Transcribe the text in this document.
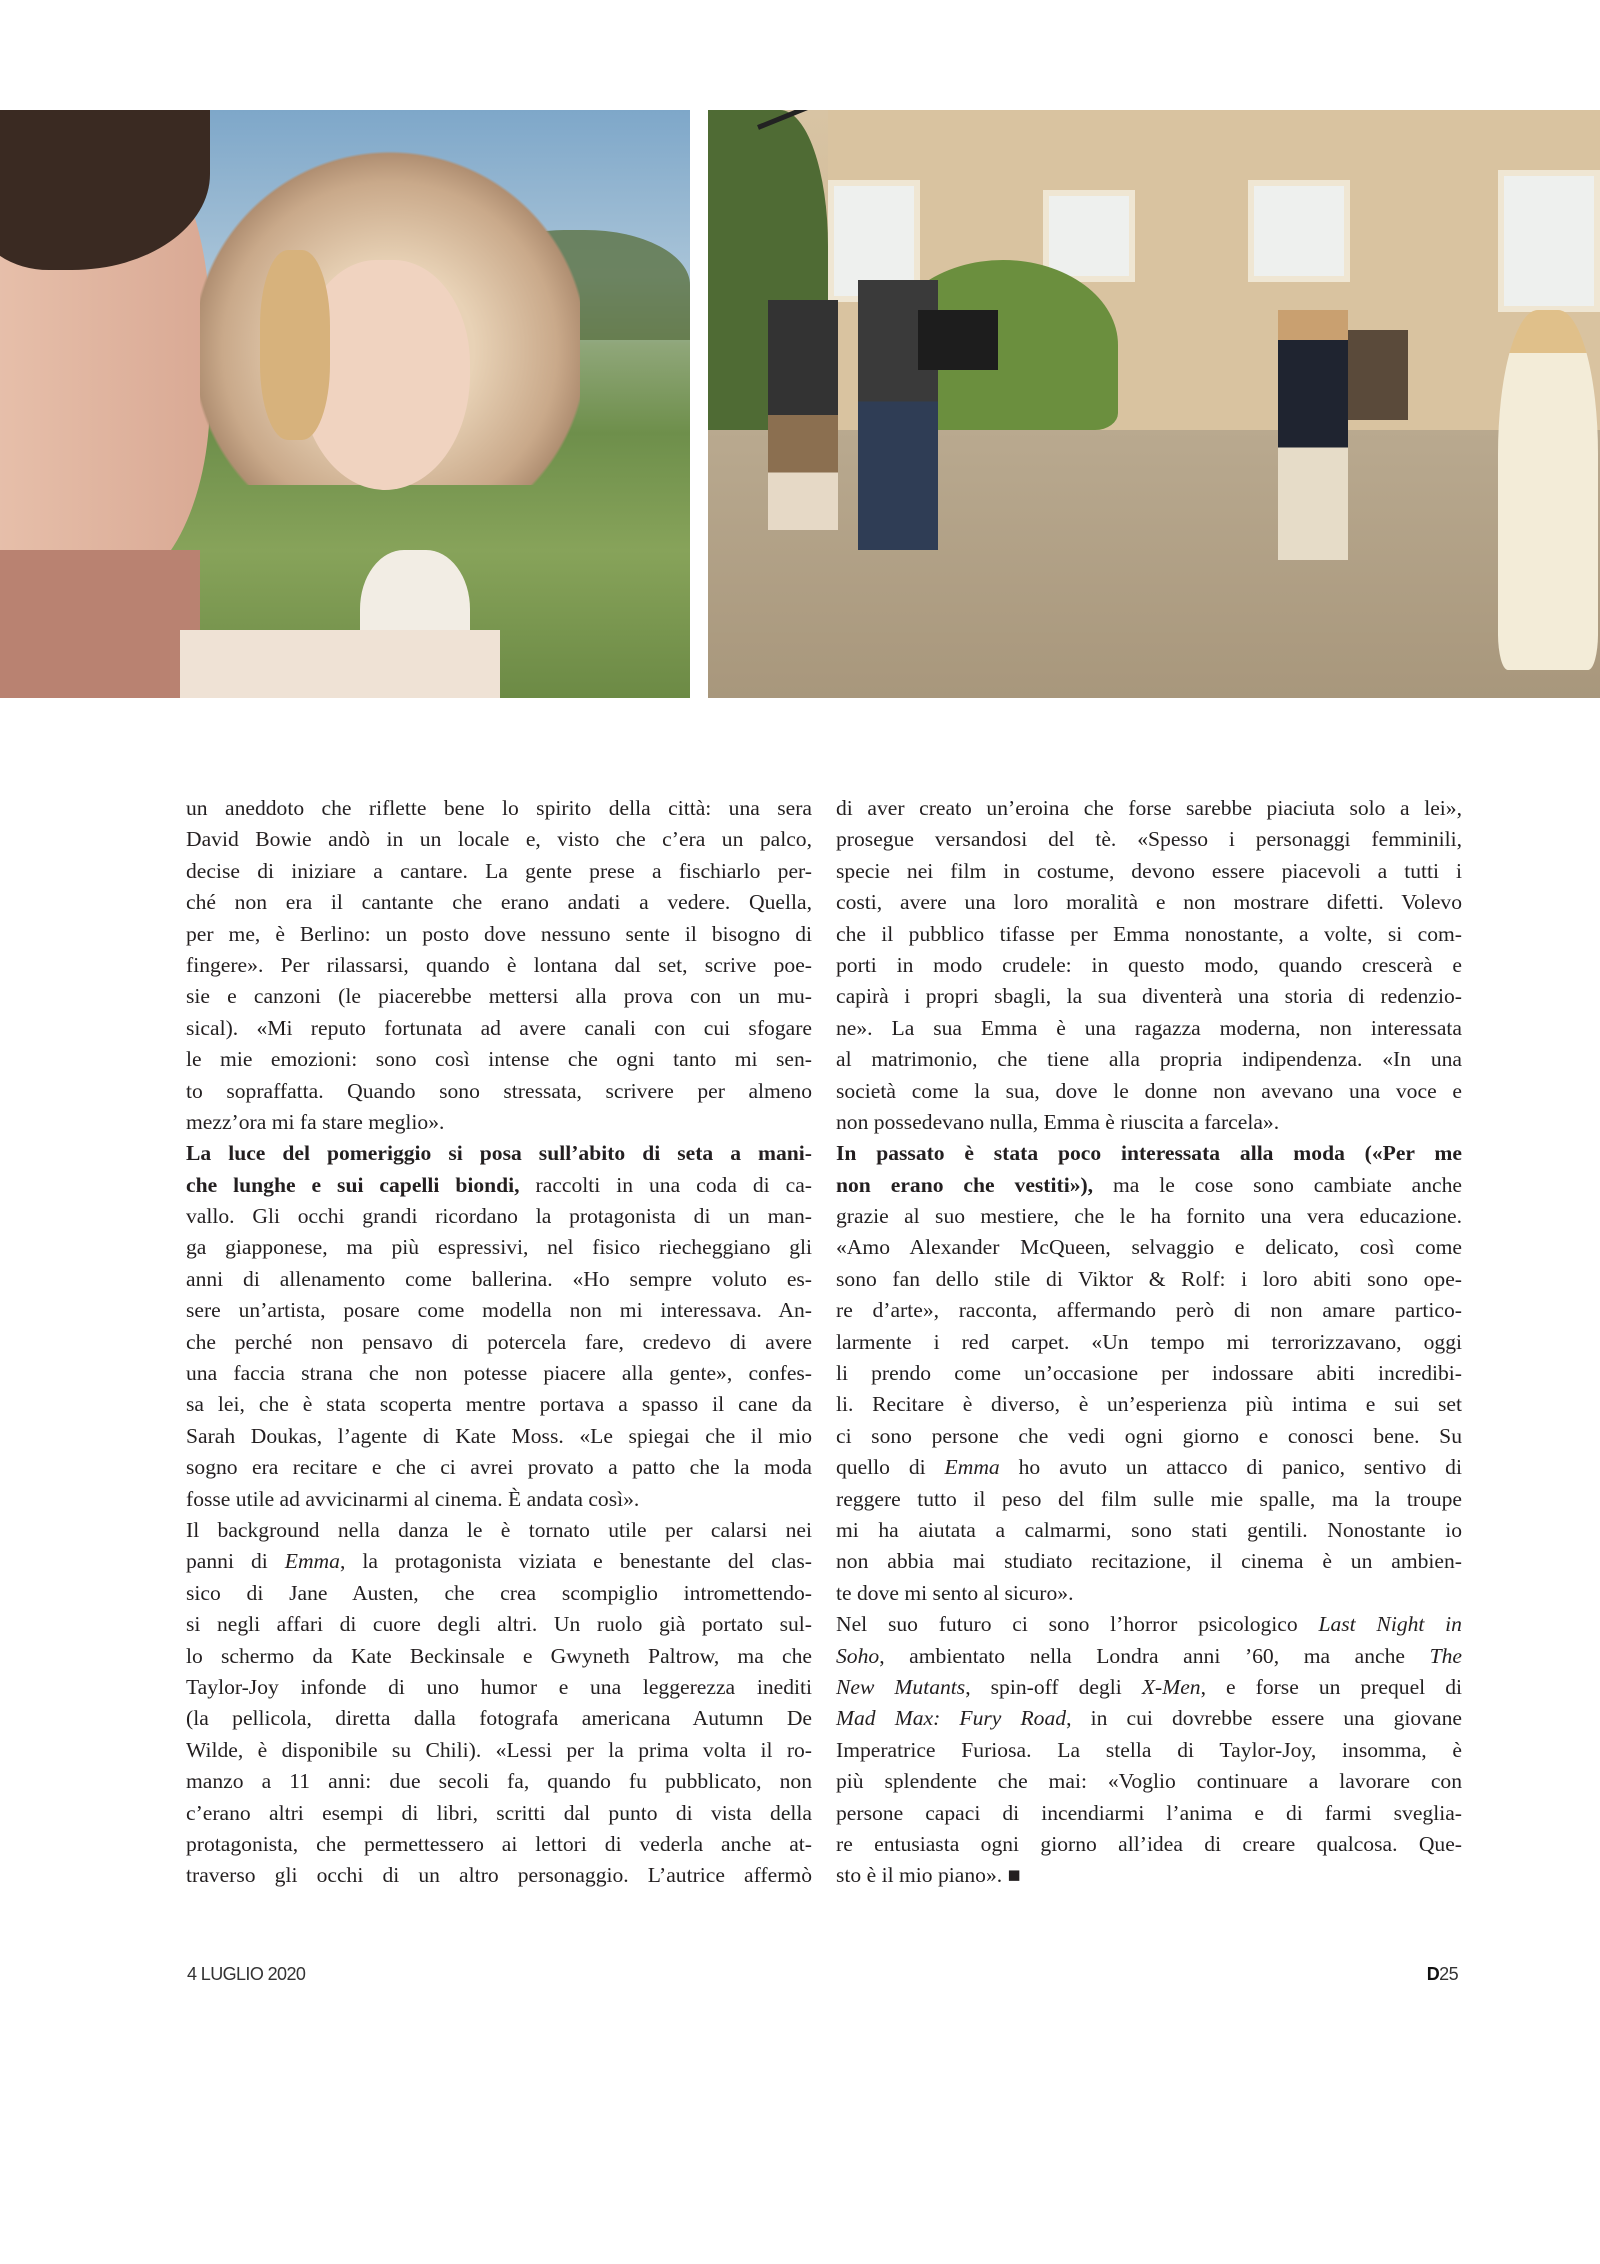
un aneddoto che riflette bene lo spirito della città: una sera
David Bowie andò in un locale e, visto che c’era un palco,
decise di iniziare a cantare. La gente prese a fischiarlo per-
ché non era il cantante che erano andati a vedere. Quella,
per me, è Berlino: un posto dove nessuno sente il bisogno di
fingere». Per rilassarsi, quando è lontana dal set, scrive poe-
sie e canzoni (le piacerebbe mettersi alla prova con un mu-
sical). «Mi reputo fortunata ad avere canali con cui sfogare
le mie emozioni: sono così intense che ogni tanto mi sen-
to sopraffatta. Quando sono stressata, scrivere per almeno
mezz’ora mi fa stare meglio».
La luce del pomeriggio si posa sull’abito di seta a mani-
che lunghe e sui capelli biondi, raccolti in una coda di ca-
vallo. Gli occhi grandi ricordano la protagonista di un man-
ga giapponese, ma più espressivi, nel fisico riecheggiano gli
anni di allenamento come ballerina. «Ho sempre voluto es-
sere un’artista, posare come modella non mi interessava. An-
che perché non pensavo di potercela fare, credevo di avere
una faccia strana che non potesse piacere alla gente», confes-
sa lei, che è stata scoperta mentre portava a spasso il cane da
Sarah Doukas, l’agente di Kate Moss. «Le spiegai che il mio
sogno era recitare e che ci avrei provato a patto che la moda
fosse utile ad avvicinarmi al cinema. È andata così».
Il background nella danza le è tornato utile per calarsi nei
panni di Emma, la protagonista viziata e benestante del clas-
sico di Jane Austen, che crea scompiglio intromettendo-
si negli affari di cuore degli altri. Un ruolo già portato sul-
lo schermo da Kate Beckinsale e Gwyneth Paltrow, ma che
Taylor-Joy infonde di uno humor e una leggerezza inediti
(la pellicola, diretta dalla fotografa americana Autumn De
Wilde, è disponibile su Chili). «Lessi per la prima volta il ro-
manzo a 11 anni: due secoli fa, quando fu pubblicato, non
c’erano altri esempi di libri, scritti dal punto di vista della
protagonista, che permettessero ai lettori di vederla anche at-
traverso gli occhi di un altro personaggio. L’autrice affermò
di aver creato un’eroina che forse sarebbe piaciuta solo a lei»,
prosegue versandosi del tè. «Spesso i personaggi femminili,
specie nei film in costume, devono essere piacevoli a tutti i
costi, avere una loro moralità e non mostrare difetti. Volevo
che il pubblico tifasse per Emma nonostante, a volte, si com-
porti in modo crudele: in questo modo, quando crescerà e
capirà i propri sbagli, la sua diventerà una storia di redenzio-
ne». La sua Emma è una ragazza moderna, non interessata
al matrimonio, che tiene alla propria indipendenza. «In una
società come la sua, dove le donne non avevano una voce e
non possedevano nulla, Emma è riuscita a farcela».
In passato è stata poco interessata alla moda («Per me
non erano che vestiti»), ma le cose sono cambiate anche
grazie al suo mestiere, che le ha fornito una vera educazione.
«Amo Alexander McQueen, selvaggio e delicato, così come
sono fan dello stile di Viktor & Rolf: i loro abiti sono ope-
re d’arte», racconta, affermando però di non amare partico-
larmente i red carpet. «Un tempo mi terrorizzavano, oggi
li prendo come un’occasione per indossare abiti incredibi-
li. Recitare è diverso, è un’esperienza più intima e sui set
ci sono persone che vedi ogni giorno e conosci bene. Su
quello di Emma ho avuto un attacco di panico, sentivo di
reggere tutto il peso del film sulle mie spalle, ma la troupe
mi ha aiutata a calmarmi, sono stati gentili. Nonostante io
non abbia mai studiato recitazione, il cinema è un ambien-
te dove mi sento al sicuro».
Nel suo futuro ci sono l’horror psicologico Last Night in
Soho, ambientato nella Londra anni ’60, ma anche The
New Mutants, spin-off degli X-Men, e forse un prequel di
Mad Max: Fury Road, in cui dovrebbe essere una giovane
Imperatrice Furiosa. La stella di Taylor-Joy, insomma, è
più splendente che mai: «Voglio continuare a lavorare con
persone capaci di incendiarmi l’anima e di farmi sveglia-
re entusiasta ogni giorno all’idea di creare qualcosa. Que-
sto è il mio piano». ■
4 LUGLIO 2020	D25
